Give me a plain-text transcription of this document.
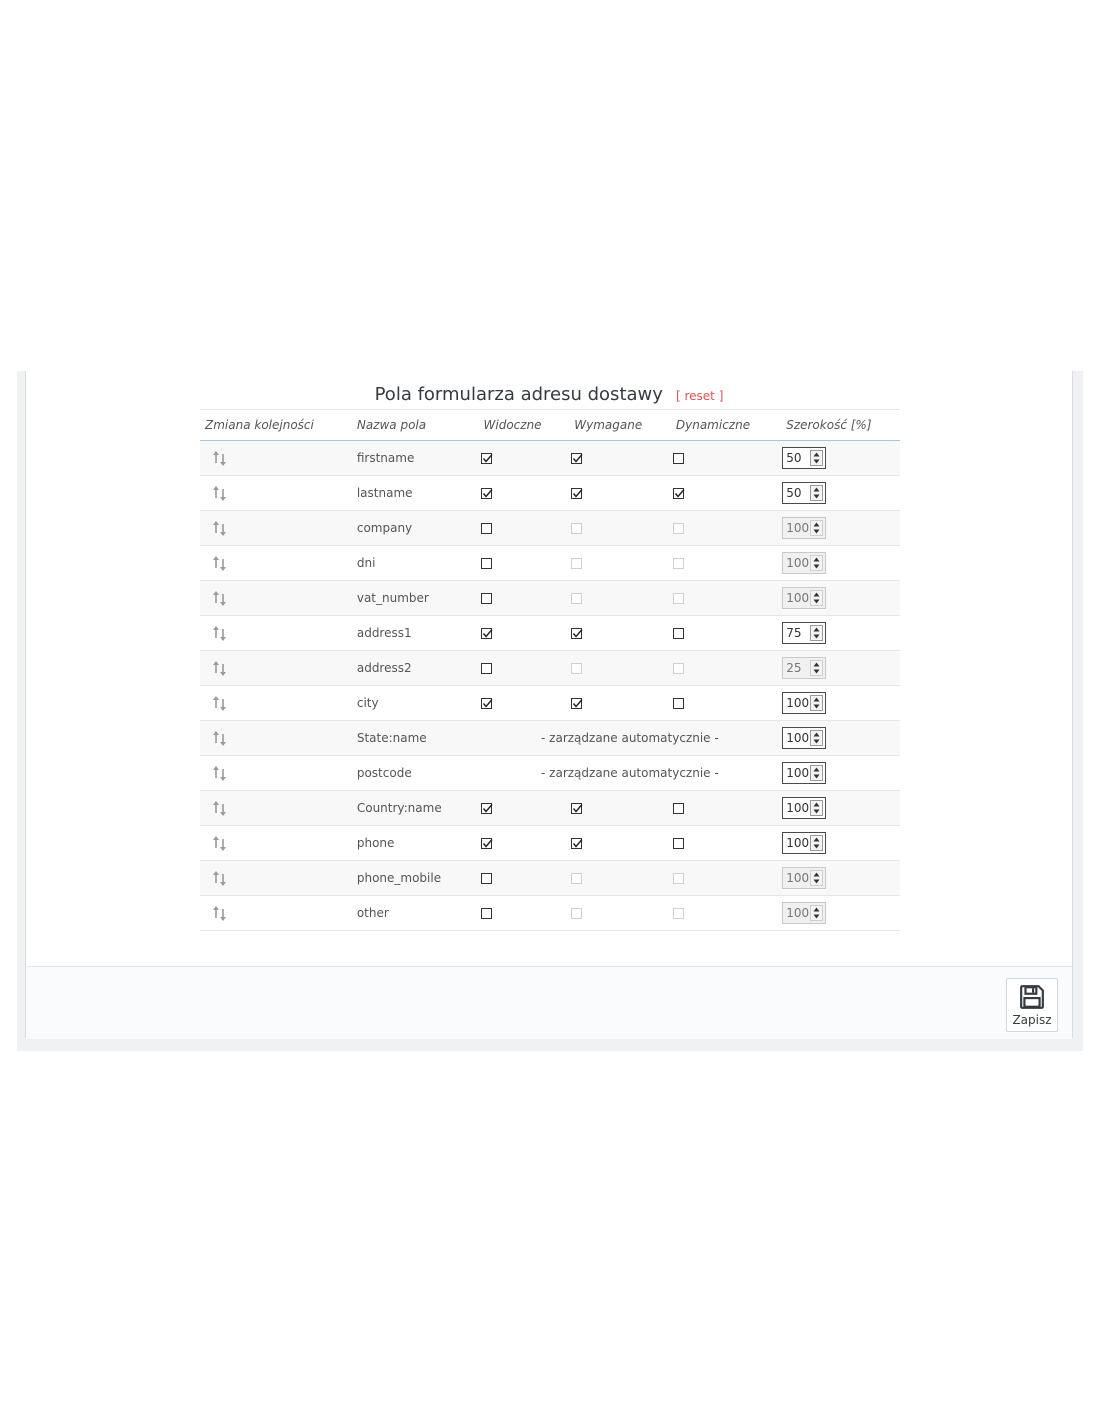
Pola formularza adresu dostawy [ reset ]
Zmiana kolejności	Nazwa pola	Widoczne	Wymagane	Dynamiczne	Szerokość [%]
	firstname				50

	lastname				50

	company				100

	dni				100

	vat_number				100

	address1				75

	address2				25

	city				100

	State:name	- zarządzane automatycznie -			100

	postcode	- zarządzane automatycznie -			100

	Country:name				100

	phone				100

	phone_mobile				100

	other				100
Zapisz
